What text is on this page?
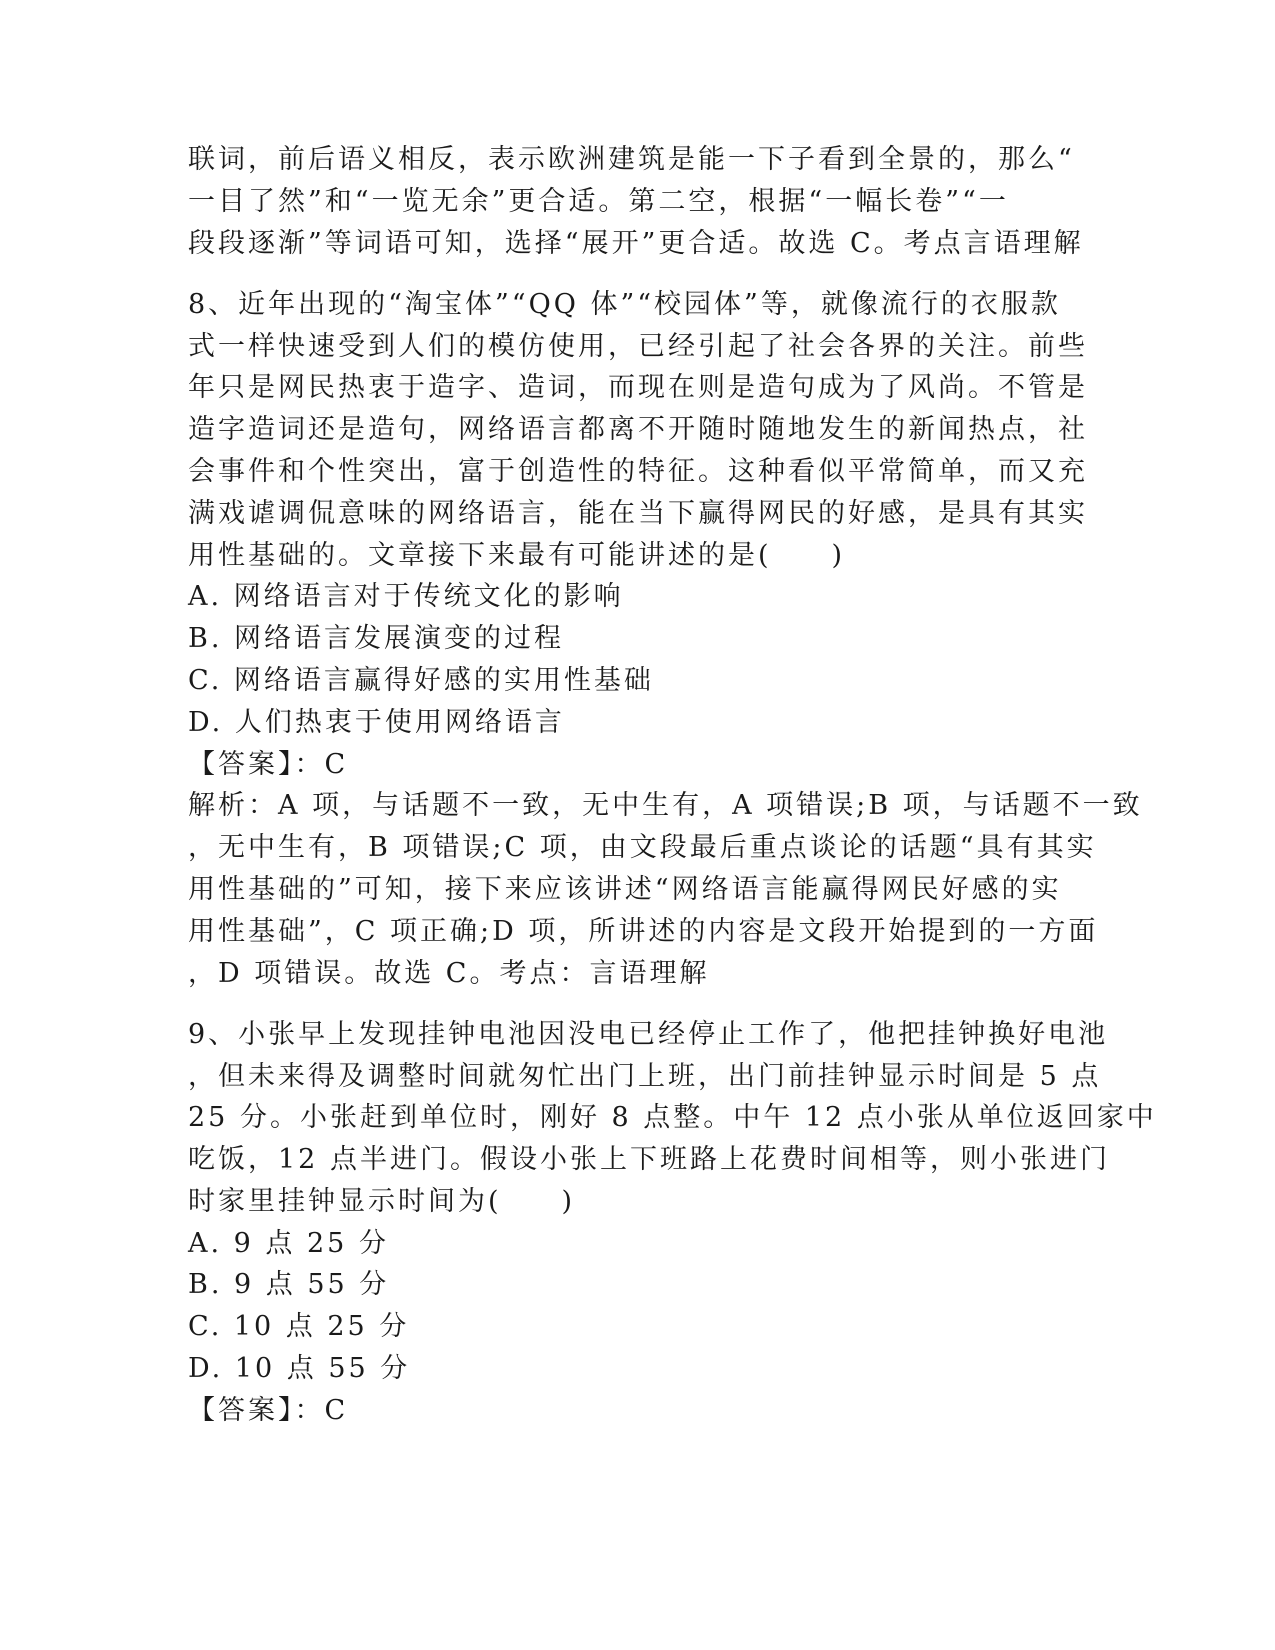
联词，前后语义相反，表示欧洲建筑是能一下子看到全景的，那么“
一目了然”和“一览无余”更合适。第二空，根据“一幅长卷”“一
段段逐渐”等词语可知，选择“展开”更合适。故选 C。考点言语理解
8、近年出现的“淘宝体”“QQ 体”“校园体”等，就像流行的衣服款
式一样快速受到人们的模仿使用，已经引起了社会各界的关注。前些
年只是网民热衷于造字、造词，而现在则是造句成为了风尚。不管是
造字造词还是造句，网络语言都离不开随时随地发生的新闻热点，社
会事件和个性突出，富于创造性的特征。这种看似平常简单，而又充
满戏谑调侃意味的网络语言，能在当下赢得网民的好感，是具有其实
用性基础的。文章接下来最有可能讲述的是(　　)
A. 网络语言对于传统文化的影响
B. 网络语言发展演变的过程
C. 网络语言赢得好感的实用性基础
D. 人们热衷于使用网络语言
【答案】：C
解析：A 项，与话题不一致，无中生有，A 项错误;B 项，与话题不一致
，无中生有，B 项错误;C 项，由文段最后重点谈论的话题“具有其实
用性基础的”可知，接下来应该讲述“网络语言能赢得网民好感的实
用性基础”，C 项正确;D 项，所讲述的内容是文段开始提到的一方面
，D 项错误。故选 C。考点：言语理解
9、小张早上发现挂钟电池因没电已经停止工作了，他把挂钟换好电池
，但未来得及调整时间就匆忙出门上班，出门前挂钟显示时间是 5 点
25 分。小张赶到单位时，刚好 8 点整。中午 12 点小张从单位返回家中
吃饭，12 点半进门。假设小张上下班路上花费时间相等，则小张进门
时家里挂钟显示时间为(　　)
A. 9 点 25 分
B. 9 点 55 分
C. 10 点 25 分
D. 10 点 55 分
【答案】：C
